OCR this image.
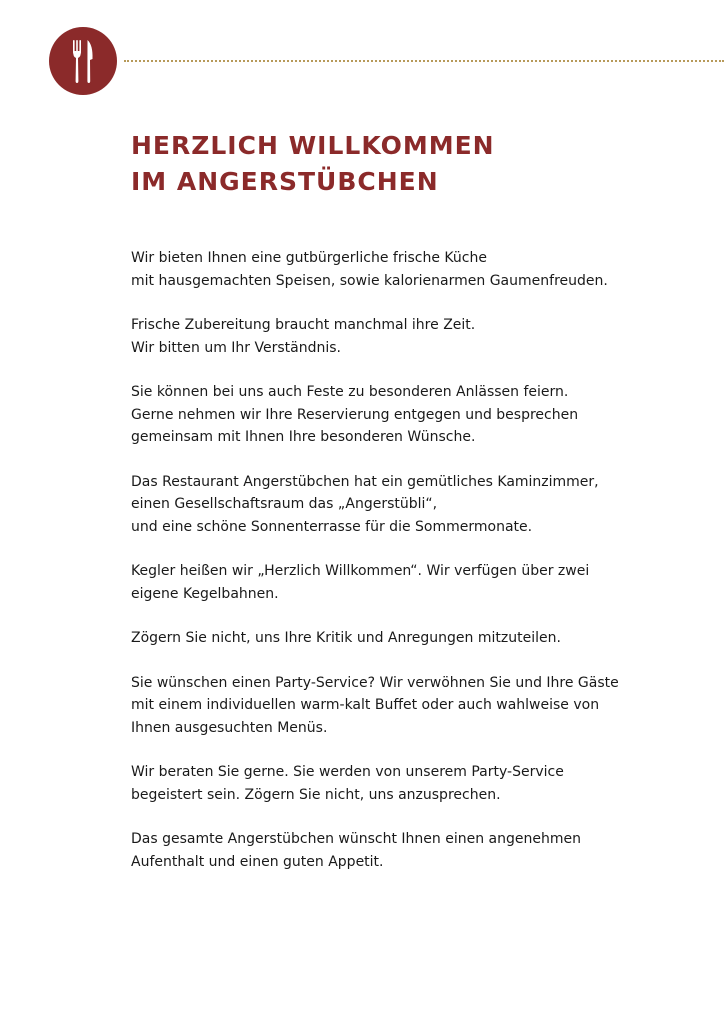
HERZLICH WILLKOMMEN
IM ANGERSTÜBCHEN

Wir bieten Ihnen eine gutbürgerliche frische Küche
mit hausgemachten Speisen, sowie kalorienarmen Gaumenfreuden.

Frische Zubereitung braucht manchmal ihre Zeit.
Wir bitten um Ihr Verständnis.

Sie können bei uns auch Feste zu besonderen Anlässen feiern.
Gerne nehmen wir Ihre Reservierung entgegen und besprechen
gemeinsam mit Ihnen Ihre besonderen Wünsche.

Das Restaurant Angerstübchen hat ein gemütliches Kaminzimmer,
einen Gesellschaftsraum das „Angerstübli“,
und eine schöne Sonnenterrasse für die Sommermonate.

Kegler heißen wir „Herzlich Willkommen“. Wir verfügen über zwei
eigene Kegelbahnen.

Zögern Sie nicht, uns Ihre Kritik und Anregungen mitzuteilen.

Sie wünschen einen Party-Service? Wir verwöhnen Sie und Ihre Gäste
mit einem individuellen warm-kalt Buffet oder auch wahlweise von
Ihnen ausgesuchten Menüs.

Wir beraten Sie gerne. Sie werden von unserem Party-Service
begeistert sein. Zögern Sie nicht, uns anzusprechen.

Das gesamte Angerstübchen wünscht Ihnen einen angenehmen
Aufenthalt und einen guten Appetit.
